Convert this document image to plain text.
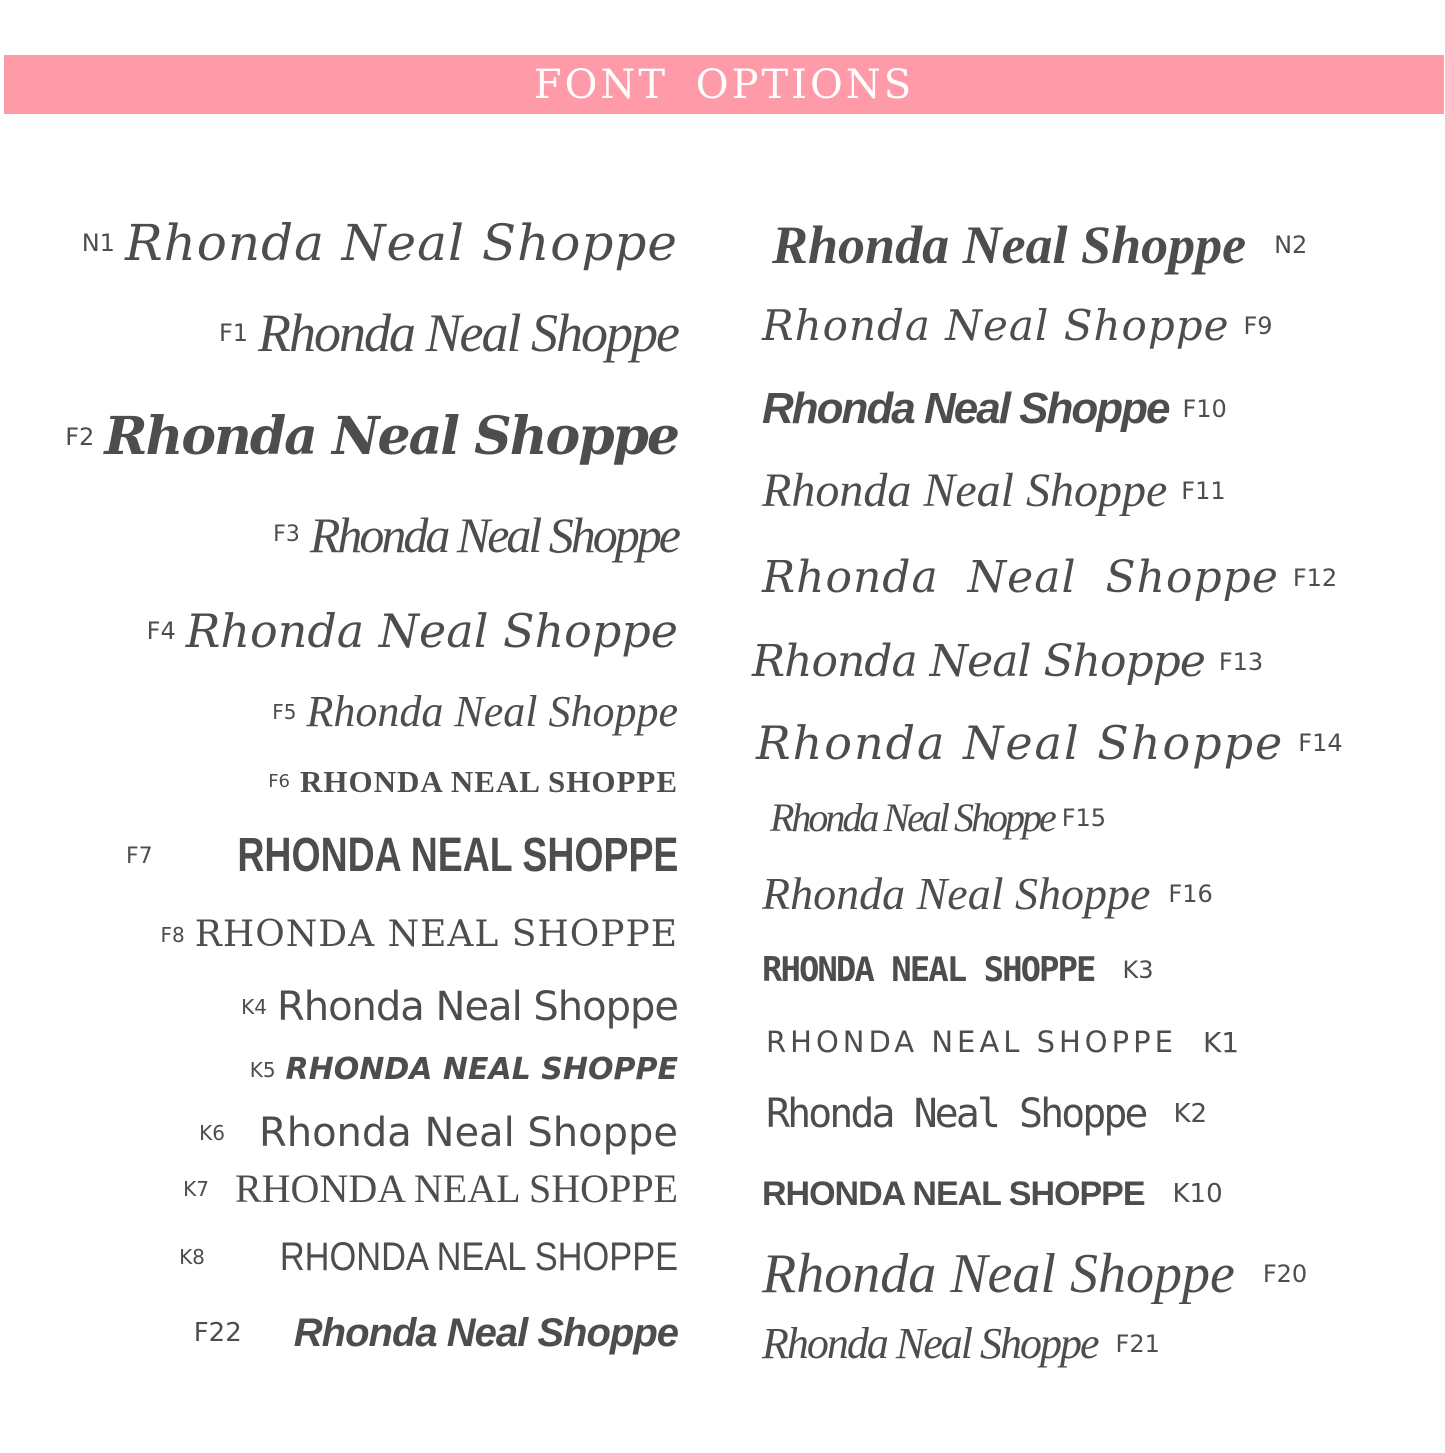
FONT OPTIONS
N1 Rhonda Neal Shoppe
F1 Rhonda Neal Shoppe
F2 Rhonda Neal Shoppe
F3 Rhonda Neal Shoppe
F4 Rhonda Neal Shoppe
F5 Rhonda Neal Shoppe
F6 RHONDA NEAL SHOPPE
F7 RHONDA NEAL SHOPPE
F8 RHONDA NEAL SHOPPE
K4 Rhonda Neal Shoppe
K5 RHONDA NEAL SHOPPE
K6 Rhonda Neal Shoppe
K7 RHONDA NEAL SHOPPE
K8 RHONDA NEAL SHOPPE
F22 Rhonda Neal Shoppe
Rhonda Neal Shoppe N2
Rhonda Neal Shoppe F9
Rhonda Neal Shoppe F10
Rhonda Neal Shoppe F11
Rhonda Neal Shoppe F12
Rhonda Neal Shoppe F13
Rhonda Neal Shoppe F14
Rhonda Neal Shoppe F15
Rhonda Neal Shoppe F16
RHONDA NEAL SHOPPE K3
RHONDA NEAL SHOPPE K1
Rhonda Neal Shoppe K2
RHONDA NEAL SHOPPE K10
Rhonda Neal Shoppe F20
Rhonda Neal Shoppe F21
